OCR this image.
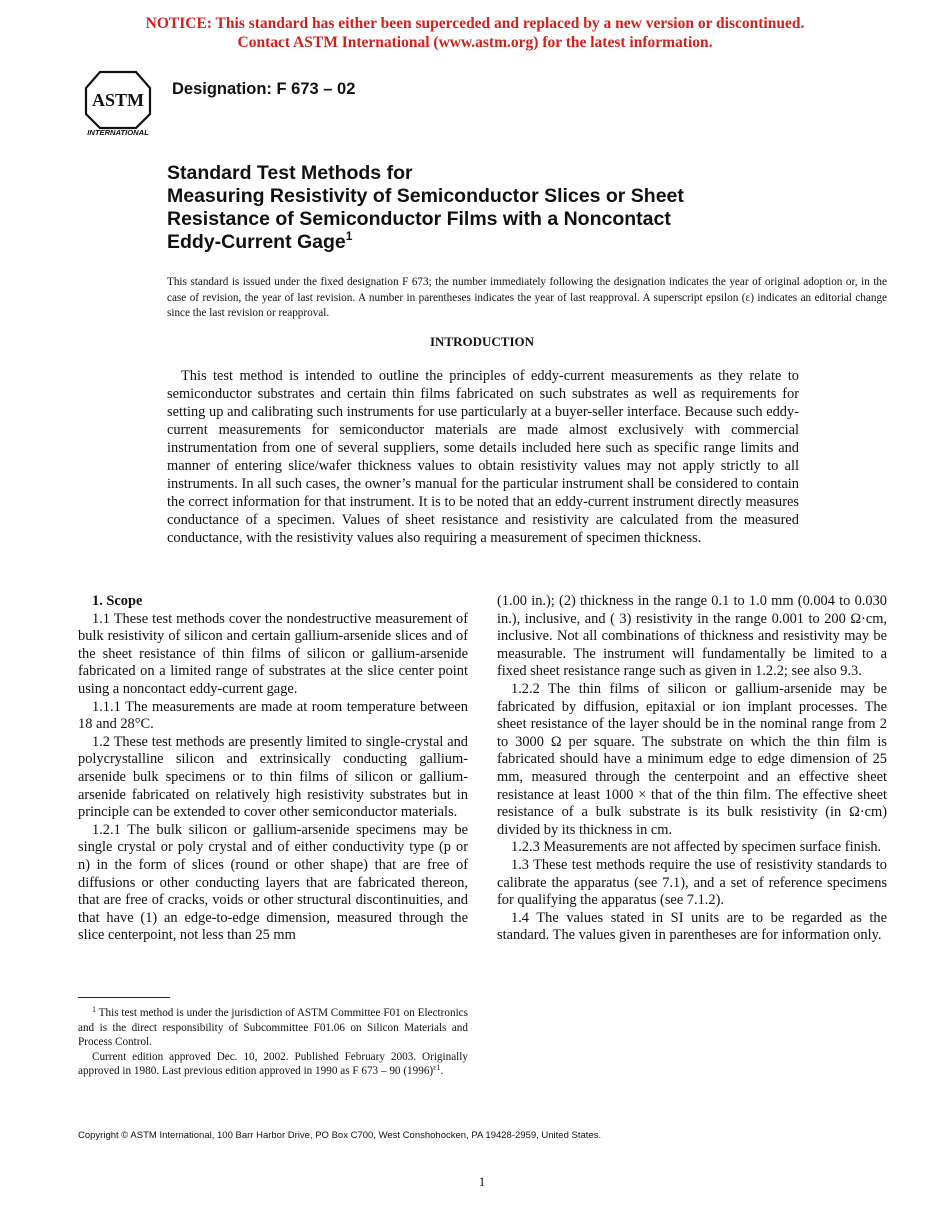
NOTICE: This standard has either been superceded and replaced by a new version or discontinued.
Contact ASTM International (www.astm.org) for the latest information.
ASTM
INTERNATIONAL
Designation: F 673 – 02
Standard Test Methods for
Measuring Resistivity of Semiconductor Slices or Sheet
Resistance of Semiconductor Films with a Noncontact
Eddy-Current Gage$^1$
This standard is issued under the fixed designation F 673; the number immediately following the designation indicates the year of original adoption or, in the case of revision, the year of last revision. A number in parentheses indicates the year of last reapproval. A superscript epsilon (ε) indicates an editorial change since the last revision or reapproval.
INTRODUCTION

This test method is intended to outline the principles of eddy-current measurements as they relate to semiconductor substrates and certain thin films fabricated on such substrates as well as requirements for setting up and calibrating such instruments for use particularly at a buyer-seller interface. Because such eddy-current measurements for semiconductor materials are made almost exclusively with commercial instrumentation from one of several suppliers, some details included here such as specific range limits and manner of entering slice/wafer thickness values to obtain resistivity values may not apply strictly to all instruments. In all such cases, the owner’s manual for the particular instrument shall be considered to contain the correct information for that instrument. It is to be noted that an eddy-current instrument directly measures conductance of a specimen. Values of sheet resistance and resistivity are calculated from the measured conductance, with the resistivity values also requiring a measurement of specimen thickness.

1. Scope

1.1 These test methods cover the nondestructive measurement of bulk resistivity of silicon and certain gallium-arsenide slices and of the sheet resistance of thin films of silicon or gallium-arsenide fabricated on a limited range of substrates at the slice center point using a noncontact eddy-current gage.

1.1.1 The measurements are made at room temperature between 18 and 28°C.

1.2 These test methods are presently limited to single-crystal and polycrystalline silicon and extrinsically conducting gallium-arsenide bulk specimens or to thin films of silicon or gallium-arsenide fabricated on relatively high resistivity substrates but in principle can be extended to cover other semiconductor materials.

1.2.1 The bulk silicon or gallium-arsenide specimens may be single crystal or poly crystal and of either conductivity type (p or n) in the form of slices (round or other shape) that are free of diffusions or other conducting layers that are fabricated thereon, that are free of cracks, voids or other structural discontinuities, and that have (1) an edge-to-edge dimension, measured through the slice centerpoint, not less than 25 mm

(1.00 in.); (2) thickness in the range 0.1 to 1.0 mm (0.004 to 0.030 in.), inclusive, and ( 3) resistivity in the range 0.001 to 200 Ω·cm, inclusive. Not all combinations of thickness and resistivity may be measurable. The instrument will fundamentally be limited to a fixed sheet resistance range such as given in 1.2.2; see also 9.3.

1.2.2 The thin films of silicon or gallium-arsenide may be fabricated by diffusion, epitaxial or ion implant processes. The sheet resistance of the layer should be in the nominal range from 2 to 3000 Ω per square. The substrate on which the thin film is fabricated should have a minimum edge to edge dimension of 25 mm, measured through the centerpoint and an effective sheet resistance at least 1000 × that of the thin film. The effective sheet resistance of a bulk substrate is its bulk resistivity (in Ω·cm) divided by its thickness in cm.

1.2.3 Measurements are not affected by specimen surface finish.

1.3 These test methods require the use of resistivity standards to calibrate the apparatus (see 7.1), and a set of reference specimens for qualifying the apparatus (see 7.1.2).

1.4 The values stated in SI units are to be regarded as the standard. The values given in parentheses are for information only.

$^1$ This test method is under the jurisdiction of ASTM Committee F01 on Electronics and is the direct responsibility of Subcommittee F01.06 on Silicon Materials and Process Control.

Current edition approved Dec. 10, 2002. Published February 2003. Originally approved in 1980. Last previous edition approved in 1990 as F 673 – 90 $(1996)^{\varepsilon 1}$.

Copyright © ASTM International, 100 Barr Harbor Drive, PO Box C700, West Conshohocken, PA 19428-2959, United States.
1
